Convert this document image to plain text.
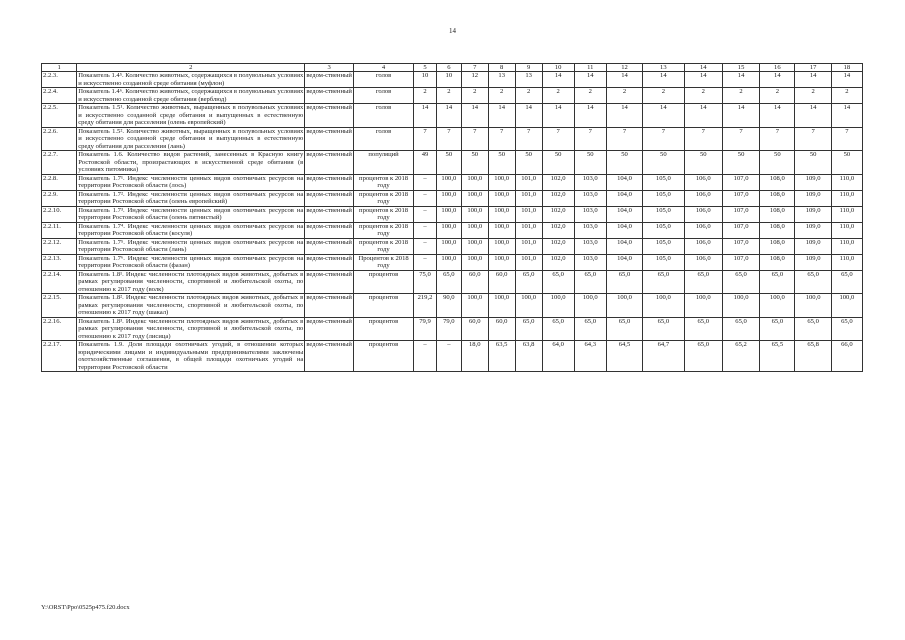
14
1	2	3	4	5	6	7	8	9	10	11	12	13	14	15	16	17	18
2.2.3.	Показатель 1.4⁵. Количество животных, содержащихся в полувольных условиях и искусственно созданной среде обитания (муфлон)	ведом-ственный	голов	10	10	12	13	13	14	14	14	14	14	14	14	14	14
2.2.4.	Показатель 1.4⁶. Количество животных, содержащихся в полувольных условиях и искусственно созданной среде обитания (верблюд)	ведом-ственный	голов	2	2	2	2	2	2	2	2	2	2	2	2	2	2
2.2.5.	Показатель 1.5¹. Количество животных, выращенных в полувольных условиях и искусственно созданной среде обитания и выпущенных в естественную среду обитания для расселения (олень европейский)	ведом-ственный	голов	14	14	14	14	14	14	14	14	14	14	14	14	14	14
2.2.6.	Показатель 1.5². Количество животных, выращенных в полувольных условиях и искусственно созданной среде обитания и выпущенных в естественную среду обитания для расселения (лань)	ведом-ственный	голов	7	7	7	7	7	7	7	7	7	7	7	7	7	7
2.2.7.	Показатель 1.6. Количество видов растений, занесенных в Красную книгу Ростовской области, произрастающих в искусственной среде обитания (в условиях питомника)	ведом-ственный	популяций	49	50	50	50	50	50	50	50	50	50	50	50	50	50
2.2.8.	Показатель 1.7¹. Индекс численности ценных видов охотничьих ресурсов на территории Ростовской области (лось)	ведом-ственный	процентов к 2018 году	–	100,0	100,0	100,0	101,0	102,0	103,0	104,0	105,0	106,0	107,0	108,0	109,0	110,0
2.2.9.	Показатель 1.7². Индекс численности ценных видов охотничьих ресурсов на территории Ростовской области (олень европейский)	ведом-ственный	процентов к 2018 году	–	100,0	100,0	100,0	101,0	102,0	103,0	104,0	105,0	106,0	107,0	108,0	109,0	110,0
2.2.10.	Показатель 1.7³. Индекс численности ценных видов охотничьих ресурсов на территории Ростовской области (олень пятнистый)	ведом-ственный	процентов к 2018 году	–	100,0	100,0	100,0	101,0	102,0	103,0	104,0	105,0	106,0	107,0	108,0	109,0	110,0
2.2.11.	Показатель 1.7⁴. Индекс численности ценных видов охотничьих ресурсов на территории Ростовской области (косуля)	ведом-ственный	процентов к 2018 году	–	100,0	100,0	100,0	101,0	102,0	103,0	104,0	105,0	106,0	107,0	108,0	109,0	110,0
2.2.12.	Показатель 1.7⁵. Индекс численности ценных видов охотничьих ресурсов на территории Ростовской области (лань)	ведом-ственный	процентов к 2018 году	–	100,0	100,0	100,0	101,0	102,0	103,0	104,0	105,0	106,0	107,0	108,0	109,0	110,0
2.2.13.	Показатель 1.7⁶. Индекс численности ценных видов охотничьих ресурсов на территории Ростовской области (фазан)	ведом-ственный	Процентов к 2018 году	–	100,0	100,0	100,0	101,0	102,0	103,0	104,0	105,0	106,0	107,0	108,0	109,0	110,0
2.2.14.	Показатель 1.8¹. Индекс численности плотоядных видов животных, добытых в рамках регулирования численности, спортивной и любительской охоты, по отношению к 2017 году (волк)	ведом-ственный	процентов	75,0	65,0	60,0	60,0	65,0	65,0	65,0	65,0	65,0	65,0	65,0	65,0	65,0	65,0
2.2.15.	Показатель 1.8². Индекс численности плотоядных видов животных, добытых в рамках регулирования численности, спортивной и любительской охоты, по отношению к 2017 году (шакал)	ведом-ственный	процентов	219,2	90,0	100,0	100,0	100,0	100,0	100,0	100,0	100,0	100,0	100,0	100,0	100,0	100,0
2.2.16.	Показатель 1.8³. Индекс численности плотоядных видов животных, добытых в рамках регулирования численности, спортивной и любительской охоты, по отношению к 2017 году (лисица)	ведом-ственный	процентов	79,9	79,0	60,0	60,0	65,0	65,0	65,0	65,0	65,0	65,0	65,0	65,0	65,0	65,0
2.2.17.	Показатель 1.9. Доля площади охотничьих угодий, в отношении которых юридическими лицами и индивидуальными предпринимателями заключены охотхозяйственные соглашения, в общей площади охотничьих угодий на территории Ростовской области	ведом-ственный	процентов	–	–	18,0	63,5	63,8	64,0	64,3	64,5	64,7	65,0	65,2	65,5	65,8	66,0
Y:\ORST\Ppo\0525p475.f20.docx
